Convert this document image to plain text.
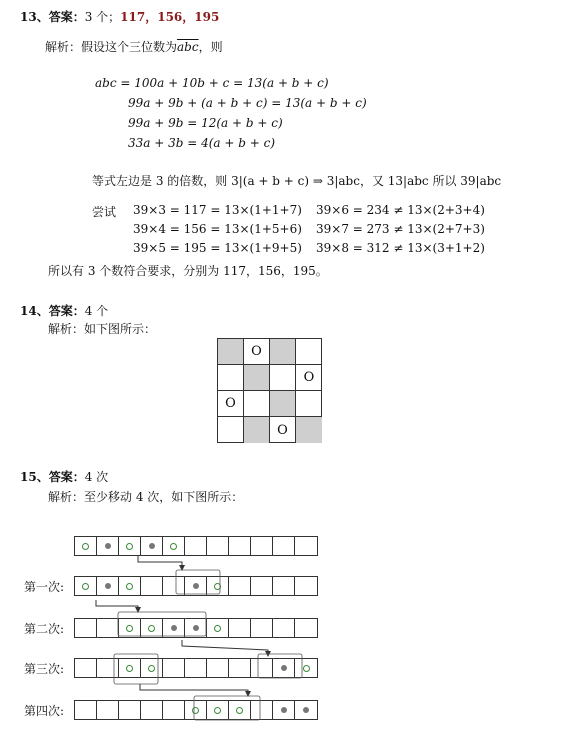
13、答案：3 个；117，156，195
解析：假设这个三位数为$\overline{abc}$，则
abc = 100a + 10b + c = 13(a + b + c)
99a + 9b + (a + b + c) = 13(a + b + c)
99a + 9b = 12(a + b + c)
33a + 3b = 4(a + b + c)
等式左边是 3 的倍数，则 3|(a + b + c) ⇒ 3|abc，又 13|abc 所以 39|abc
尝试 39×3 = 117 = 13×(1+1+7)
39×4 = 156 = 13×(1+5+6)
39×5 = 195 = 13×(1+9+5)
39×6 = 234 ≠ 13×(2+3+4)
39×7 = 273 ≠ 13×(2+7+3)
39×8 = 312 ≠ 13×(3+1+2)
所以有 3 个数符合要求，分别为 117，156，195。
14、答案：4 个
解析：如下图所示：
O
O
O
O
15、答案：4 次
解析：至少移动 4 次，如下图所示：
第一次:
第二次:
第三次:
第四次:
